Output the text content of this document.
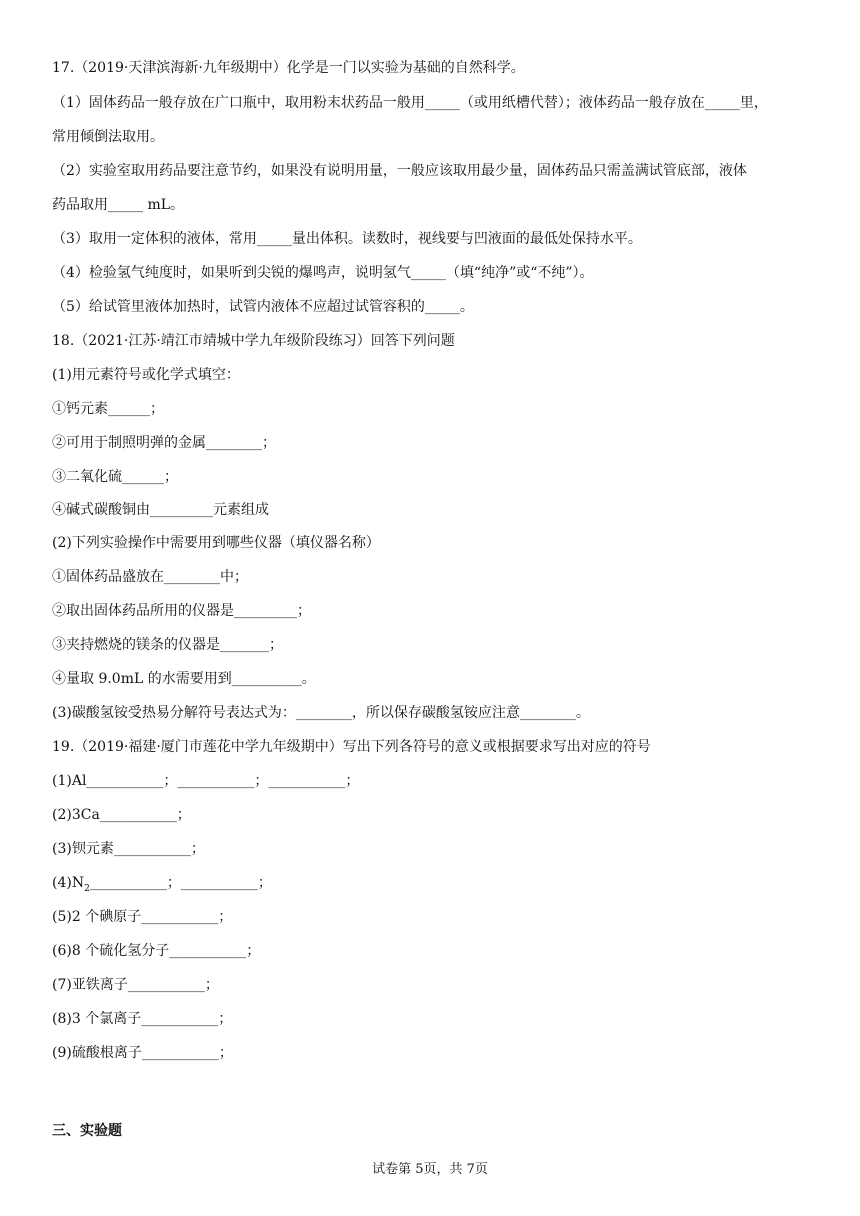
17.（2019·天津滨海新·九年级期中）化学是一门以实验为基础的自然科学。
（1）固体药品一般存放在广口瓶中，取用粉末状药品一般用_____（或用纸槽代替）；液体药品一般存放在_____里，
常用倾倒法取用。
（2）实验室取用药品要注意节约，如果没有说明用量，一般应该取用最少量，固体药品只需盖满试管底部，液体
药品取用_____ mL。
（3）取用一定体积的液体，常用_____量出体积。读数时，视线要与凹液面的最低处保持水平。
（4）检验氢气纯度时，如果听到尖锐的爆鸣声，说明氢气_____（填“纯净”或“不纯”）。
（5）给试管里液体加热时，试管内液体不应超过试管容积的_____。
18.（2021·江苏·靖江市靖城中学九年级阶段练习）回答下列问题
(1)用元素符号或化学式填空：
①钙元素______；
②可用于制照明弹的金属________；
③二氧化硫______；
④碱式碳酸铜由_________元素组成
(2)下列实验操作中需要用到哪些仪器（填仪器名称）
①固体药品盛放在________中；
②取出固体药品所用的仪器是_________；
③夹持燃烧的镁条的仪器是_______；
④量取 9.0mL 的水需要用到__________。
(3)碳酸氢铵受热易分解符号表达式为：________，所以保存碳酸氢铵应注意________。
19.（2019·福建·厦门市莲花中学九年级期中）写出下列各符号的意义或根据要求写出对应的符号
(1)Al___________；___________；___________；
(2)3Ca___________；
(3)钡元素___________；
$(4)N_2\_\_\_\_\_\_\_\_\_\_\_$；___________；
(5)2 个碘原子___________；
(6)8 个硫化氢分子___________；
(7)亚铁离子___________；
(8)3 个氯离子___________；
(9)硫酸根离子___________；
三、实验题
试卷第 5页，共 7页
